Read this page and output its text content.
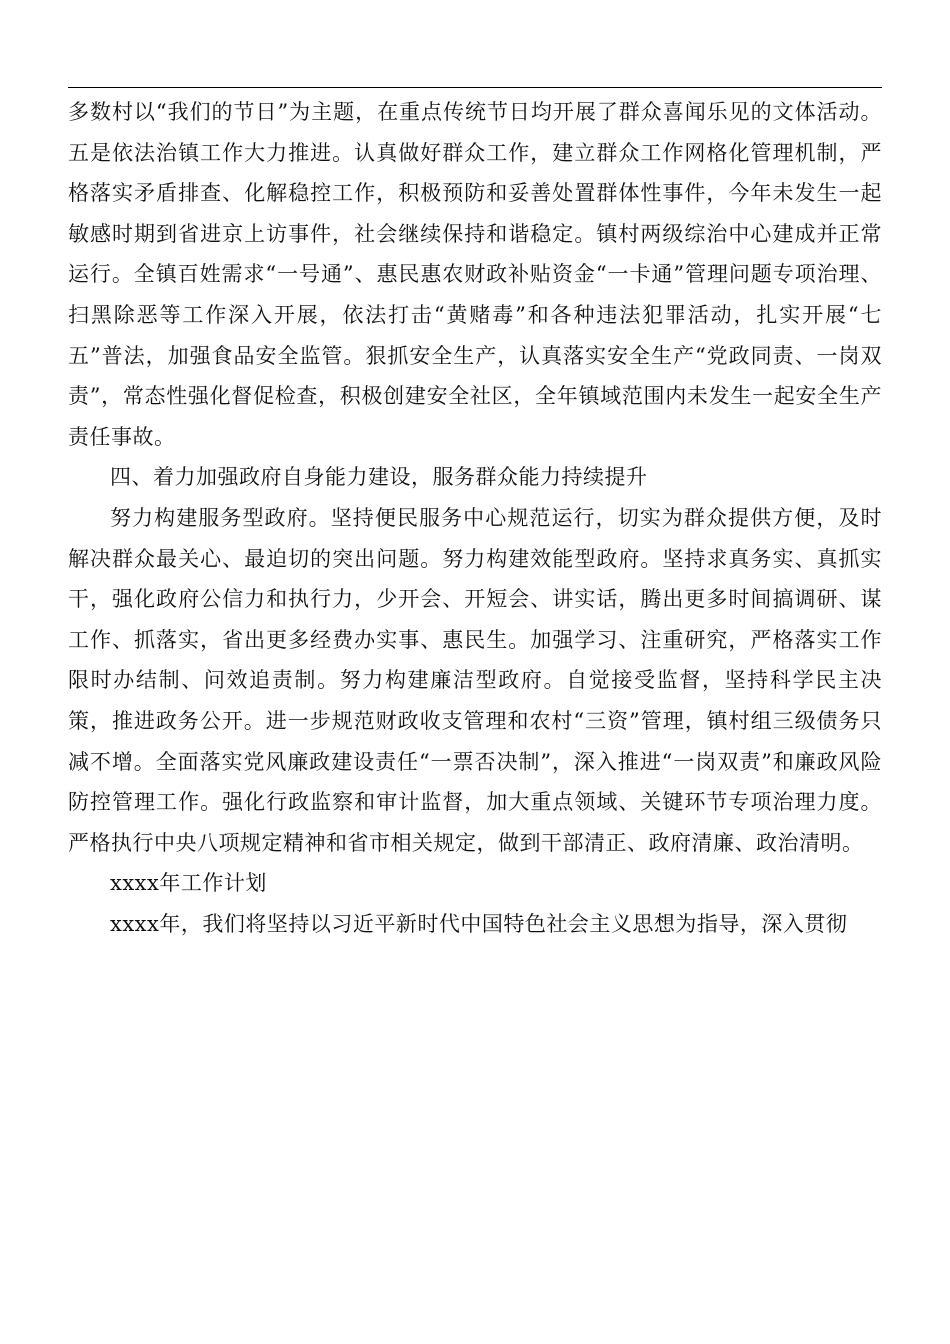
多数村以“我们的节日”为主题，在重点传统节日均开展了群众喜闻乐见的文体活动。五是依法治镇工作大力推进。认真做好群众工作，建立群众工作网格化管理机制，严格落实矛盾排查、化解稳控工作，积极预防和妥善处置群体性事件，今年未发生一起敏感时期到省进京上访事件，社会继续保持和谐稳定。镇村两级综治中心建成并正常运行。全镇百姓需求“一号通”、惠民惠农财政补贴资金“一卡通”管理问题专项治理、扫黑除恶等工作深入开展，依法打击“黄赌毒”和各种违法犯罪活动，扎实开展“七五”普法，加强食品安全监管。狠抓安全生产，认真落实安全生产“党政同责、一岗双责”，常态性强化督促检查，积极创建安全社区，全年镇域范围内未发生一起安全生产责任事故。

四、着力加强政府自身能力建设，服务群众能力持续提升

努力构建服务型政府。坚持便民服务中心规范运行，切实为群众提供方便，及时解决群众最关心、最迫切的突出问题。努力构建效能型政府。坚持求真务实、真抓实干，强化政府公信力和执行力，少开会、开短会、讲实话，腾出更多时间搞调研、谋工作、抓落实，省出更多经费办实事、惠民生。加强学习、注重研究，严格落实工作限时办结制、问效追责制。努力构建廉洁型政府。自觉接受监督，坚持科学民主决策，推进政务公开。进一步规范财政收支管理和农村“三资”管理，镇村组三级债务只减不增。全面落实党风廉政建设责任“一票否决制”，深入推进“一岗双责”和廉政风险防控管理工作。强化行政监察和审计监督，加大重点领域、关键环节专项治理力度。严格执行中央八项规定精神和省市相关规定，做到干部清正、政府清廉、政治清明。

xxxx年工作计划

xxxx年，我们将坚持以习近平新时代中国特色社会主义思想为指导，深入贯彻
